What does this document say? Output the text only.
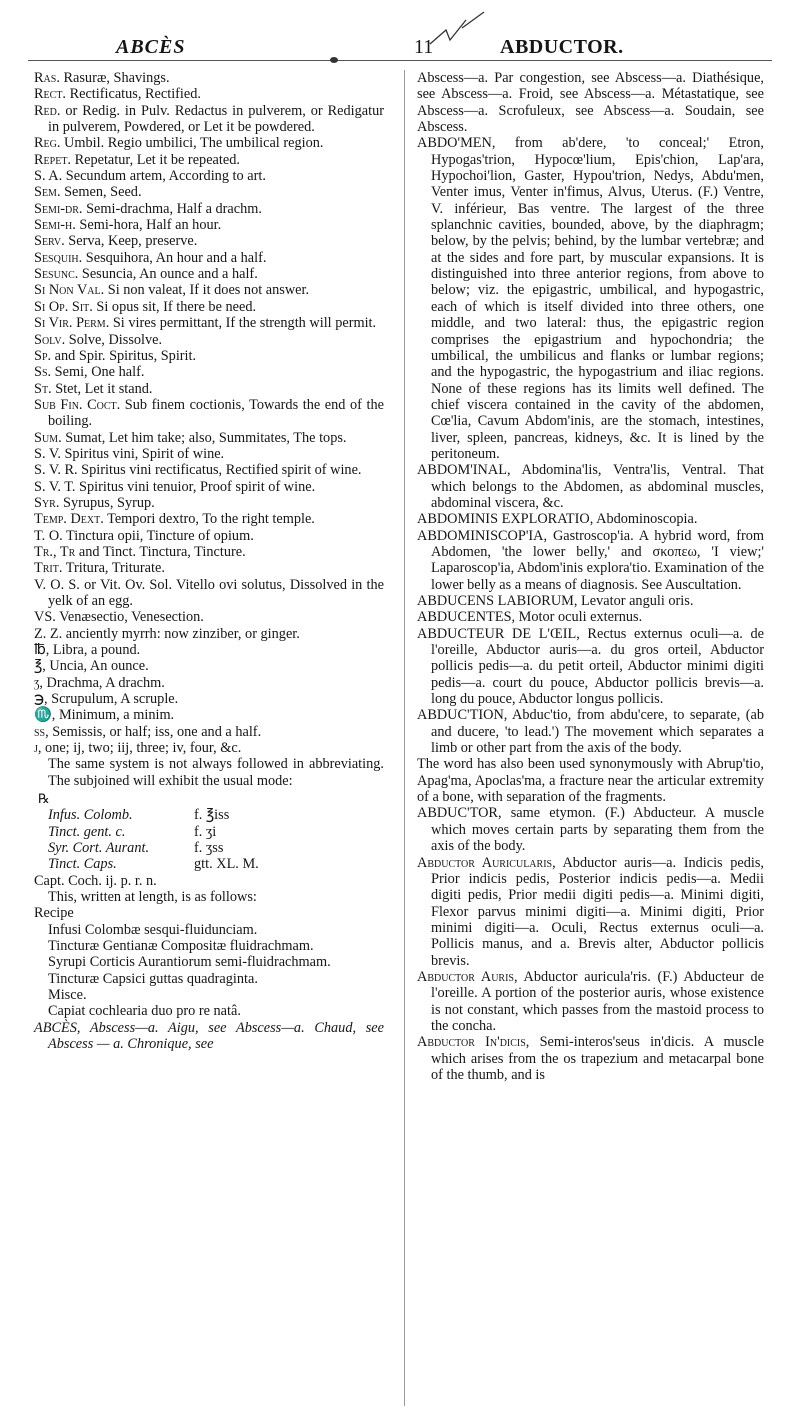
ABCÈS	11	ABDUCTOR.
Ras. Rasuræ, Shavings.
Rect. Rectificatus, Rectified.
Red. or Redig. in Pulv. Redactus in pulverem, or Redigatur in pulverem, Powdered, or Let it be powdered.
Reg. Umbil. Regio umbilici, The umbilical region.
Repet. Repetatur, Let it be repeated.
S. A. Secundum artem, According to art.
Sem. Semen, Seed.
Semi-dr. Semi-drachma, Half a drachm.
Semi-h. Semi-hora, Half an hour.
Serv. Serva, Keep, preserve.
Sesquih. Sesquihora, An hour and a half.
Sesunc. Sesuncia, An ounce and a half.
Si Non Val. Si non valeat, If it does not answer.
Si Op. Sit. Si opus sit, If there be need.
Si Vir. Perm. Si vires permittant, If the strength will permit.
Solv. Solve, Dissolve.
Sp. and Spir. Spiritus, Spirit.
Ss. Semi, One half.
St. Stet, Let it stand.
Sub Fin. Coct. Sub finem coctionis, Towards the end of the boiling.
Sum. Sumat, Let him take; also, Summitates, The tops.
S. V. Spiritus vini, Spirit of wine.
S. V. R. Spiritus vini rectificatus, Rectified spirit of wine.
S. V. T. Spiritus vini tenuior, Proof spirit of wine.
Syr. Syrupus, Syrup.
Temp. Dext. Tempori dextro, To the right temple.
T. O. Tinctura opii, Tincture of opium.
Tr., Tr and Tinct. Tinctura, Tincture.
Trit. Tritura, Triturate.
V. O. S. or Vit. Ov. Sol. Vitello ovi solutus, Dissolved in the yelk of an egg.
VS. Venæsectio, Venesection.
Z. Z. anciently myrrh: now zinziber, or ginger.
℔, Libra, a pound.
℥, Uncia, An ounce.
ʒ, Drachma, A drachm.
℈, Scrupulum, A scruple.
♏, Minimum, a minim.
ss, Semissis, or half; iss, one and a half.
j, one; ij, two; iij, three; iv, four, &c.
The same system is not always followed in abbreviating. The subjoined will exhibit the usual mode:
℞
Infus. Colomb.	f. ℥iss
Tinct. gent. c.	f. ʒi
Syr. Cort. Aurant.	f. ʒss
Tinct. Caps.	gtt. XL. M.
Capt. Coch. ij. p. r. n.
This, written at length, is as follows:
Recipe
Infusi Colombæ sesqui-fluidunciam.
Tincturæ Gentianæ Compositæ fluidrachmam.
Syrupi Corticis Aurantiorum semi-fluidrachmam.
Tincturæ Capsici guttas quadraginta.
Misce.
Capiat cochlearia duo pro re natâ.
ABCÈS, Abscess—a. Aigu, see Abscess—a. Chaud, see Abscess — a. Chronique, see
Abscess—a. Par congestion, see Abscess—a. Diathésique, see Abscess—a. Froid, see Abscess—a. Métastatique, see Abscess—a. Scrofuleux, see Abscess—a. Soudain, see Abscess.
ABDO'MEN, from ab'dere, 'to conceal;' Etron, Hypogas'trion, Hypocœ'lium, Epis'chion, Lap'ara, Hypochoi'lion, Gaster, Hypou'trion, Nedys, Abdu'men, Venter imus, Venter in'fimus, Alvus, Uterus. (F.) Ventre, V. inférieur, Bas ventre. The largest of the three splanchnic cavities, bounded, above, by the diaphragm; below, by the pelvis; behind, by the lumbar vertebræ; and at the sides and fore part, by muscular expansions. It is distinguished into three anterior regions, from above to below; viz. the epigastric, umbilical, and hypogastric, each of which is itself divided into three others, one middle, and two lateral: thus, the epigastric region comprises the epigastrium and hypochondria; the umbilical, the umbilicus and flanks or lumbar regions; and the hypogastric, the hypogastrium and iliac regions. None of these regions has its limits well defined. The chief viscera contained in the cavity of the abdomen, Cœ'lia, Cavum Abdom'inis, are the stomach, intestines, liver, spleen, pancreas, kidneys, &c. It is lined by the peritoneum.
ABDOM'INAL, Abdomina'lis, Ventra'lis, Ventral. That which belongs to the Abdomen, as abdominal muscles, abdominal viscera, &c.
ABDOMINIS EXPLORATIO, Abdominoscopia.
ABDOMINISCOP'IA, Gastroscop'ia. A hybrid word, from Abdomen, 'the lower belly,' and σκοπεω, 'I view;' Laparoscop'ia, Abdom'inis explora'tio. Examination of the lower belly as a means of diagnosis. See Auscultation.
ABDUCENS LABIORUM, Levator anguli oris.
ABDUCENTES, Motor oculi externus.
ABDUCTEUR DE L'ŒIL, Rectus externus oculi—a. de l'oreille, Abductor auris—a. du gros orteil, Abductor pollicis pedis—a. du petit orteil, Abductor minimi digiti pedis—a. court du pouce, Abductor pollicis brevis—a. long du pouce, Abductor longus pollicis.
ABDUC'TION, Abduc'tio, from abdu'cere, to separate, (ab and ducere, 'to lead.') The movement which separates a limb or other part from the axis of the body.
The word has also been used synonymously with Abrup'tio, Apag'ma, Apoclas'ma, a fracture near the articular extremity of a bone, with separation of the fragments.
ABDUC'TOR, same etymon. (F.) Abducteur. A muscle which moves certain parts by separating them from the axis of the body.
Abductor Auricularis, Abductor auris—a. Indicis pedis, Prior indicis pedis, Posterior indicis pedis—a. Medii digiti pedis, Prior medii digiti pedis—a. Minimi digiti, Flexor parvus minimi digiti—a. Minimi digiti, Prior minimi digiti—a. Oculi, Rectus externus oculi—a. Pollicis manus, and a. Brevis alter, Abductor pollicis brevis.
Abductor Auris, Abductor auricula'ris. (F.) Abducteur de l'oreille. A portion of the posterior auris, whose existence is not constant, which passes from the mastoid process to the concha.
Abductor In'dicis, Semi-interos'seus in'dicis. A muscle which arises from the os trapezium and metacarpal bone of the thumb, and is
